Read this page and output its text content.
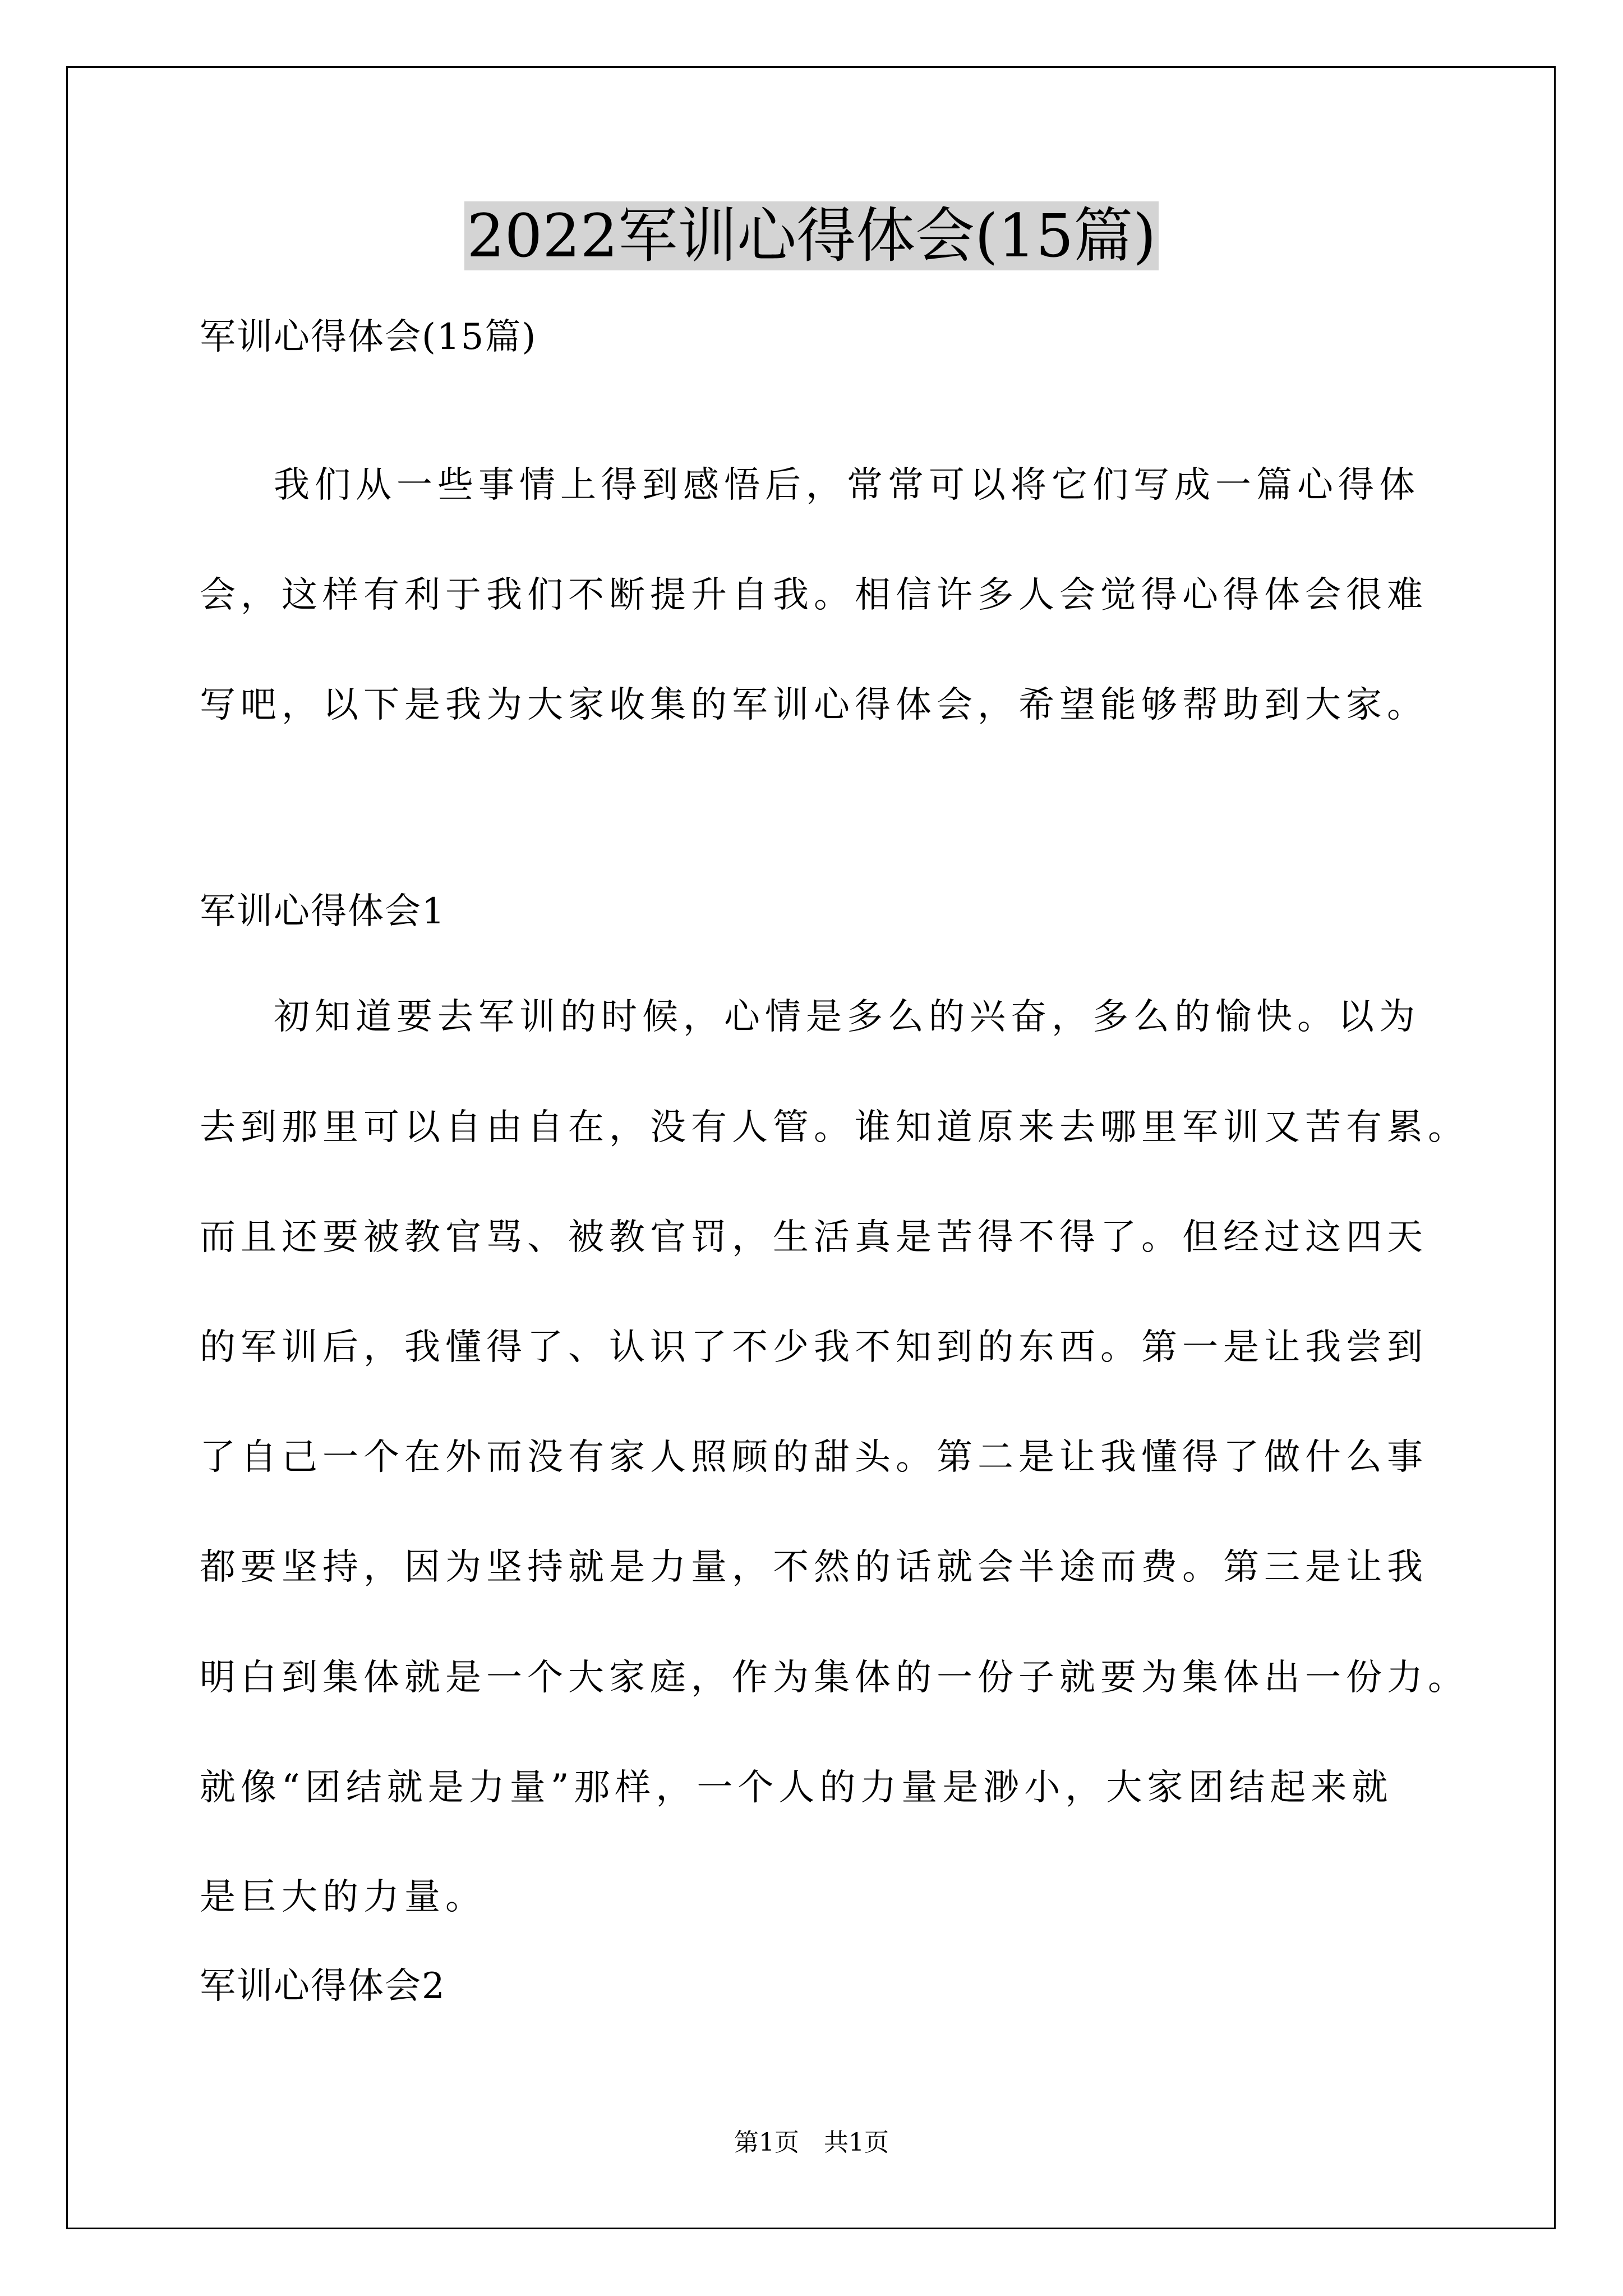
2022军训心得体会(15篇)

军训心得体会(15篇)

我们从一些事情上得到感悟后，常常可以将它们写成一篇心得体

会，这样有利于我们不断提升自我。相信许多人会觉得心得体会很难

写吧，以下是我为大家收集的军训心得体会，希望能够帮助到大家。

军训心得体会1

初知道要去军训的时候，心情是多么的兴奋，多么的愉快。以为

去到那里可以自由自在，没有人管。谁知道原来去哪里军训又苦有累。

而且还要被教官骂、被教官罚，生活真是苦得不得了。但经过这四天

的军训后，我懂得了、认识了不少我不知到的东西。第一是让我尝到

了自己一个在外而没有家人照顾的甜头。第二是让我懂得了做什么事

都要坚持，因为坚持就是力量，不然的话就会半途而费。第三是让我

明白到集体就是一个大家庭，作为集体的一份子就要为集体出一份力。

就像“团结就是力量”那样，一个人的力量是渺小，大家团结起来就

是巨大的力量。

军训心得体会2

第1页　共1页
